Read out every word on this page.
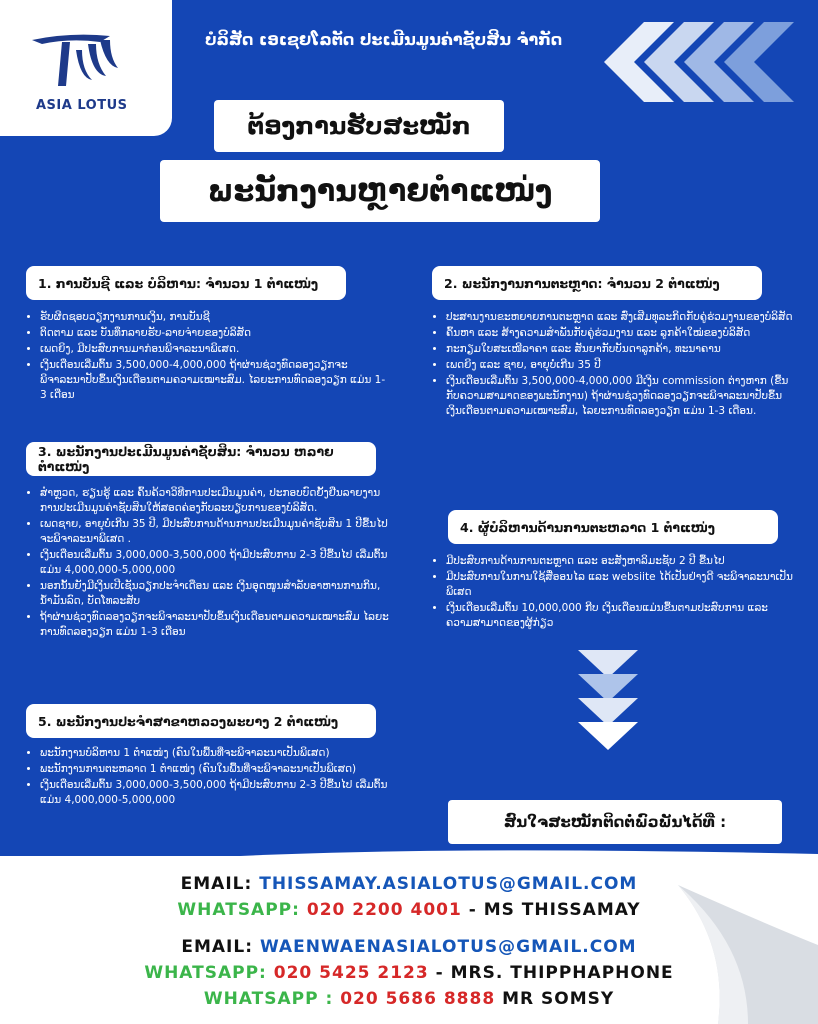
ASIA LOTUS
ບໍລິສັດ ເອເຊຍໂລຕັດ ປະເມີນມູນຄ່າຊັບສິນ ຈຳກັດ
ຕ້ອງການຮັບສະໝັກ
ພະນັກງານຫຼາຍຕຳແໜ່ງ
1. ການບັນຊີ ແລະ ບໍລິຫານ: ຈຳນວນ 1 ຕຳແໜ່ງ
• ຮັບຜິດຊອບວຽກງານການເງິນ, ການບັນຊີ
• ຕິດຕາມ ແລະ ບັນທຶກລາຍຮັບ-ລາຍຈ່າຍຂອງບໍລິສັດ
• ເພດຍິງ, ມີປະສົບການມາກ່ອນພິຈາລະນາພິເສດ.
• ເງິນເດືອນເລີ່ມຕົ້ນ 3,500,000-4,000,000 ຖ້າຜ່ານຊ່ວງທົດລອງວຽກຈະພິຈາລະນາປັບຂຶ້ນເງິນເດືອນຕາມຄວາມເໝາະສົມ. ໄລຍະການທົດລອງວຽກ ແມ່ນ 1-3 ເດືອນ
2. ພະນັກງານການຕະຫຼາດ: ຈຳນວນ 2 ຕຳແໜ່ງ
• ປະສານງານຂະຫຍາຍການຕະຫຼາດ ແລະ ສົ່ງເສີມທຸລະກິດກັບຄູ່ຮ່ວມງານຂອງບໍລິສັດ
• ຄົ້ນຫາ ແລະ ສ້າງຄວາມສຳພັນກັບຄູ່ຮ່ວມງານ ແລະ ລູກຄ້າໃໝ່ຂອງບໍລິສັດ
• ກະກຽມໃບສະເໜີລາຄາ ແລະ ສັນຍາກັບບັນດາລູກຄ້າ, ທະນາຄານ
• ເພດຍິງ ແລະ ຊາຍ, ອາຍຸບໍ່ເກີນ 35 ປີ
• ເງິນເດືອນເລີ່ມຕົ້ນ 3,500,000-4,000,000 ມີເງິນ commission ຕ່າງຫາກ (ຂື້ນກັບຄວາມສາມາດຂອງພະນັກງານ) ຖ້າຜ່ານຊ່ວງທົດລອງວຽກຈະພິຈາລະນາປັບຂຶ້ນເງິນເດືອນຕາມຄວາມເໝາະສົມ, ໄລຍະການທົດລອງວຽກ ແມ່ນ 1-3 ເດືອນ.
3. ພະນັກງານປະເມີນມູນຄ່າຊັບສິນ: ຈຳນວນ ຫລາຍ ຕຳແໜ່ງ
• ສຳຫຼວດ, ຮຽນຮູ້ ແລະ ຄົ້ນຄ້ວາວິທີການປະເມີນມູນຄ່າ, ປະກອບບົດຍັ້ງຢືນລາຍງານການປະເມີນມູນຄ່າຊັບສິນໃຫ້ສອດຄ່ອງກັບລະບຽບການຂອງບໍລິສັດ.
• ເພດຊາຍ, ອາຍຸບໍ່ເກີນ 35 ປີ, ມີປະສົບການດ້ານການປະເມີນມູນຄ່າຊັບສິນ 1 ປີຂື້ນໄປ ຈະພິຈາລະນາພິເສດ .
• ເງິນເດືອນເລີ່ມຕົ້ນ 3,000,000-3,500,000 ຖ້າມີປະສົບການ 2-3 ປີຂື້ນໄປ ເລີ່ມຕົ້ນແມ່ນ 4,000,000-5,000,000
• ນອກນັ້ນຍັງມີເງິນເປີເຊັນວຽກປະຈຳເດືອນ ແລະ ເງິນອຸດໜູນສຳລັບອາຫານການກິນ, ນ້ຳມັນລົດ, ບັດໂທລະສັບ
• ຖ້າຜ່ານຊ່ວງທົດລອງວຽກຈະພິຈາລະນາປັບຂຶ້ນເງິນເດືອນຕາມຄວາມເໝາະສົມ ໄລຍະການທົດລອງວຽກ ແມ່ນ 1-3 ເດືອນ
4. ຜູ້ບໍລິຫານດ້ານການຕະຫລາດ 1 ຕຳແໜ່ງ
• ມີປະສົບການດ້ານການຕະຫຼາດ ແລະ ອະສັງຫາລິມະຊັບ 2 ປີ ຂື້ນໄປ
• ມີປະສົບການໃນການໃຊ້ສື່ອອນໄລ ແລະ websiite ໄດ້ເປັນຢ່າງດີ ຈະພິຈາລະນາເປັນພິເສດ
• ເງິນເດືອນເລີ່ມຕົ້ນ 10,000,000 ກີບ ເງິນເດືອນແມ່ນຂື້ນຕາມປະສົບການ ແລະ ຄວາມສາມາດຂອງຜູ້ກ່ຽວ
5. ພະນັກງານປະຈຳສາຂາຫລວງພະບາງ 2 ຕຳແໜ່ງ
• ພະນັກງານບໍລິຫານ 1 ຕຳແໜ່ງ (ຄົນໃນພື້ນທີ່ຈະພິຈາລະນາເປັນພິເສດ)
• ພະນັກງານການຕະຫລາດ 1 ຕຳແໜ່ງ (ຄົນໃນພື້ນທີ່ຈະພິຈາລະນາເປັນພິເສດ)
• ເງິນເດືອນເລີ່ມຕົ້ນ 3,000,000-3,500,000 ຖ້າມີປະສົບການ 2-3 ປີຂື້ນໄປ ເລີ່ມຕົ້ນແມ່ນ 4,000,000-5,000,000
ສົນໃຈສະໝັກຕິດຕໍ່ພົວພັນໄດ້ທີ່ :
EMAIL: THISSAMAY.ASIALOTUS@GMAIL.COM
WHATSAPP: 020 2200 4001 - MS THISSAMAY
EMAIL: WAENWAENASIALOTUS@GMAIL.COM
WHATSAPP: 020 5425 2123 - MRS. THIPPHAPHONE
WHATSAPP : 020 5686 8888 MR SOMSY
